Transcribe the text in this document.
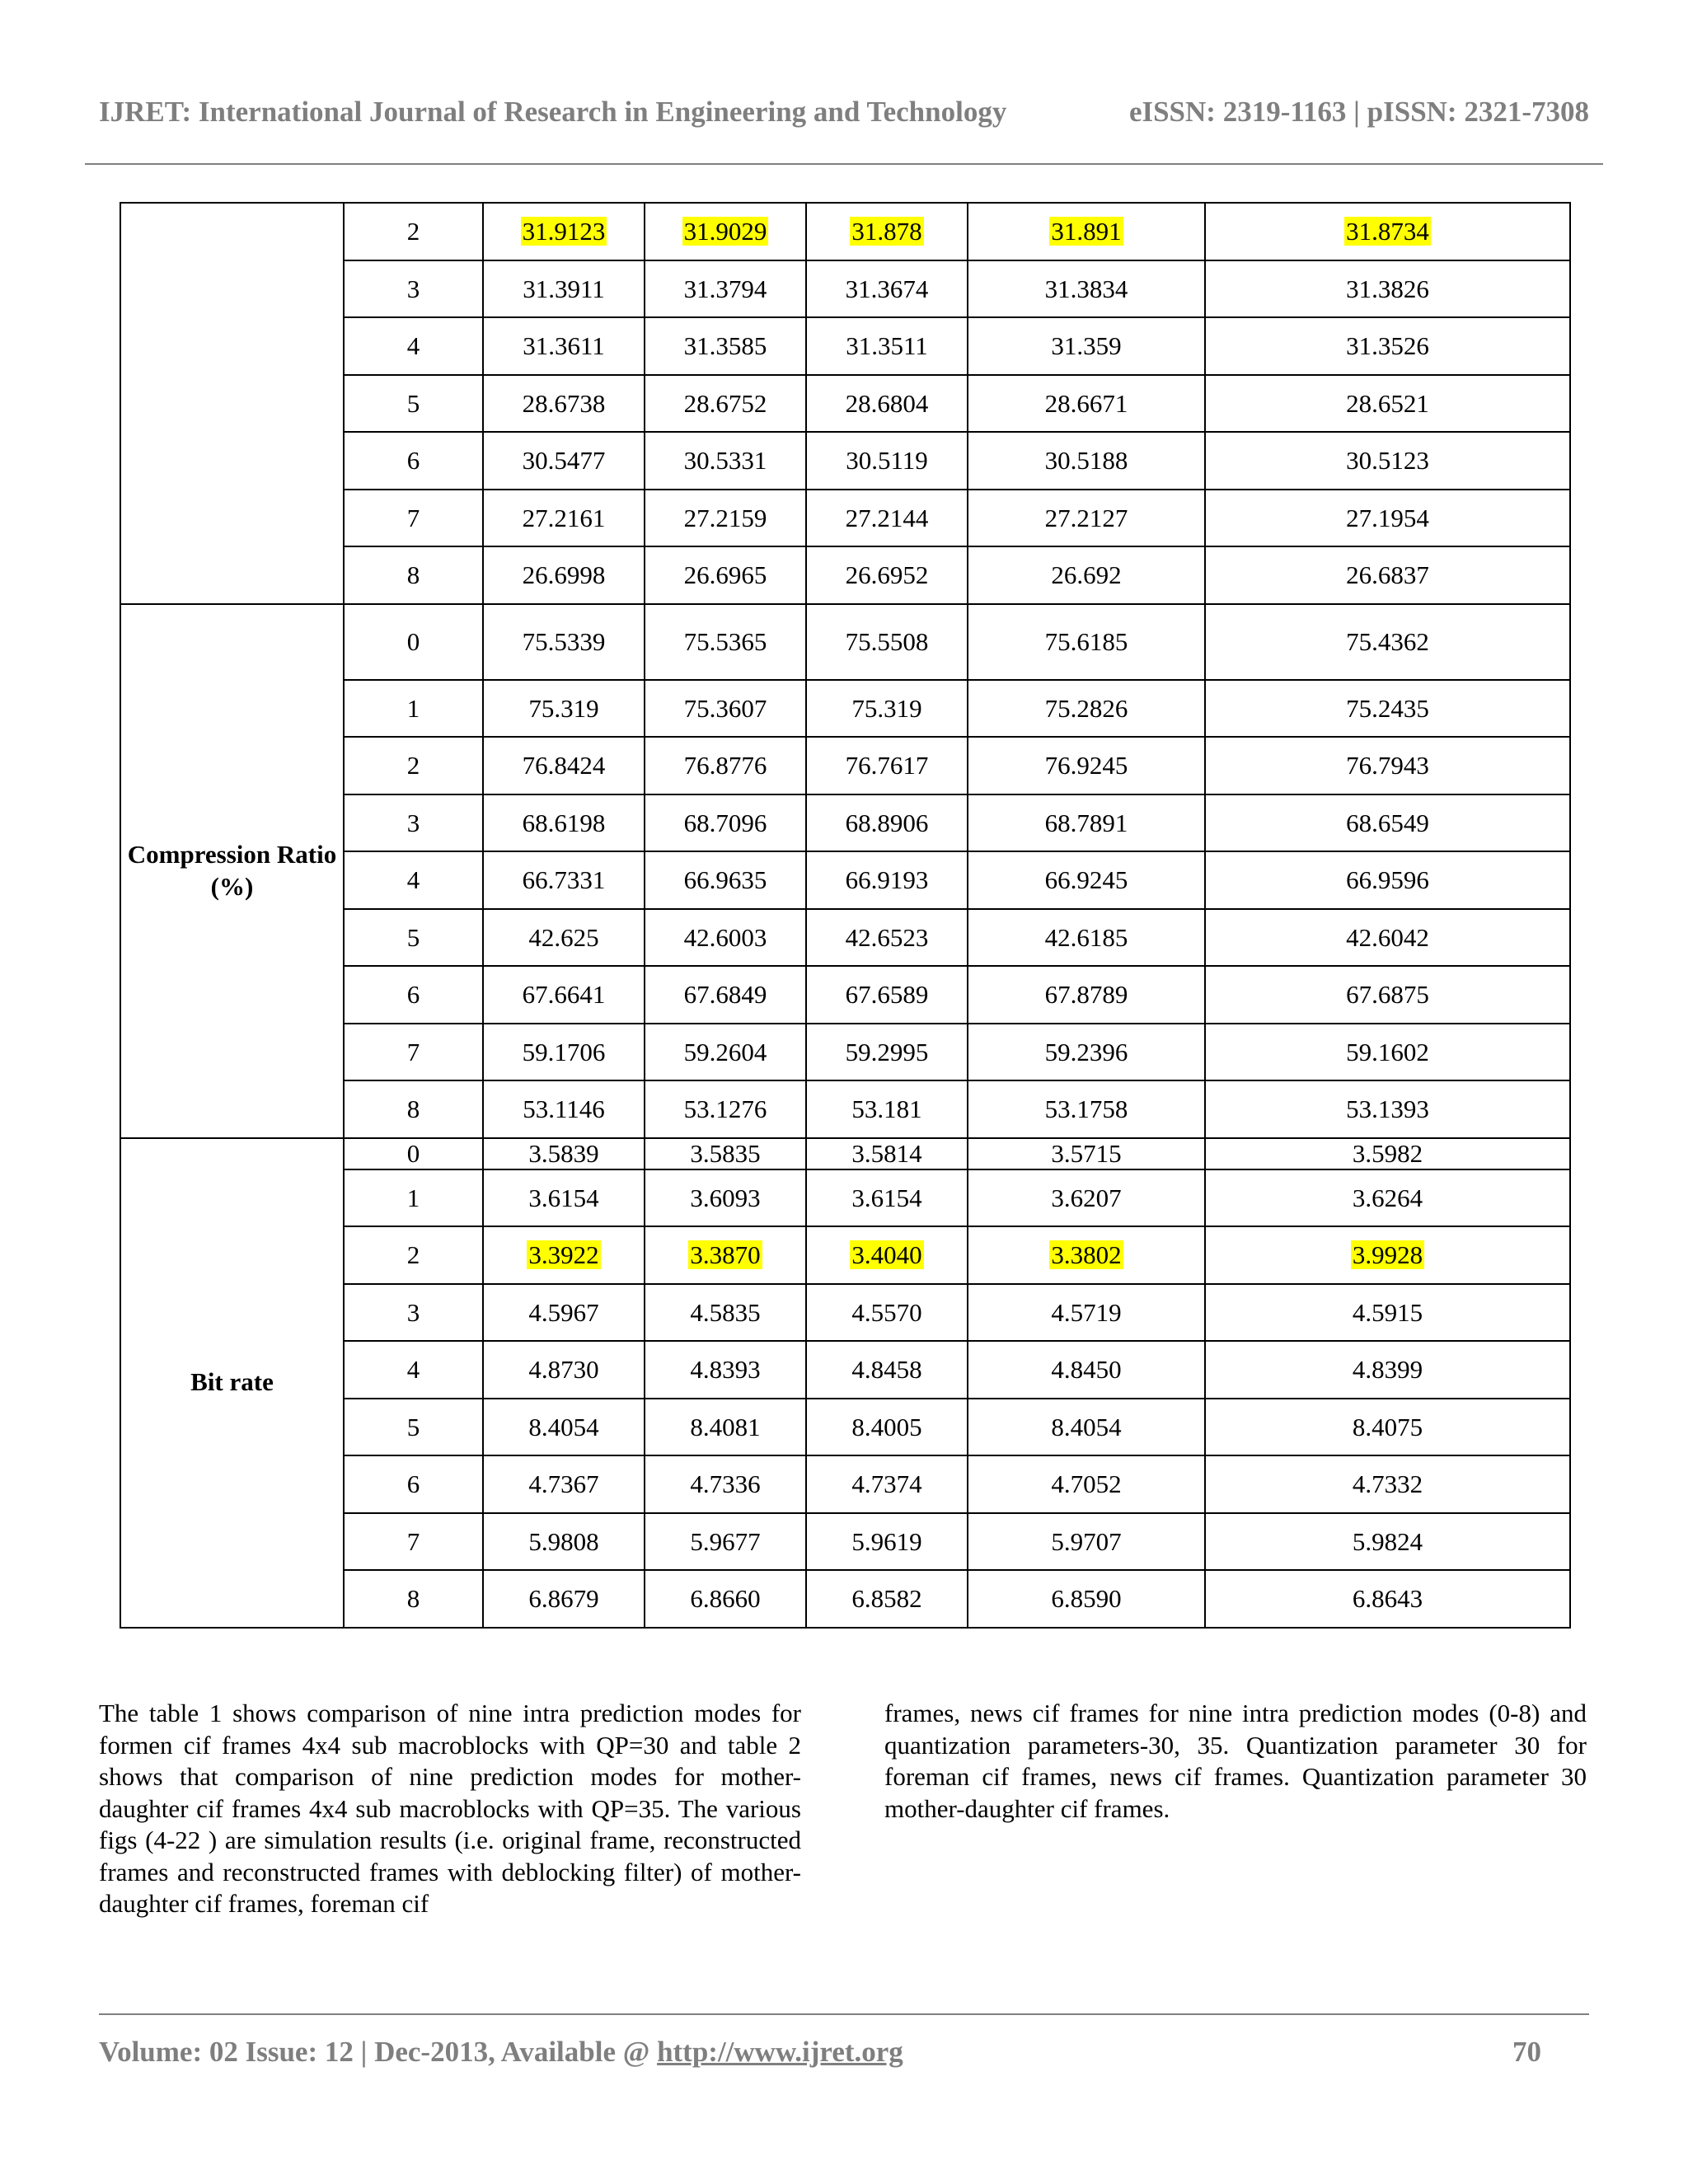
IJRET: International Journal of Research in Engineering and Technology	eISSN: 2319-1163 | pISSN: 2321-7308
	2	31.9123	31.9029	31.878	31.891	31.8734
	3	31.3911	31.3794	31.3674	31.3834	31.3826
	4	31.3611	31.3585	31.3511	31.359	31.3526
	5	28.6738	28.6752	28.6804	28.6671	28.6521
	6	30.5477	30.5331	30.5119	30.5188	30.5123
	7	27.2161	27.2159	27.2144	27.2127	27.1954
	8	26.6998	26.6965	26.6952	26.692	26.6837
Compression Ratio (%)	0	75.5339	75.5365	75.5508	75.6185	75.4362
	1	75.319	75.3607	75.319	75.2826	75.2435
	2	76.8424	76.8776	76.7617	76.9245	76.7943
	3	68.6198	68.7096	68.8906	68.7891	68.6549
	4	66.7331	66.9635	66.9193	66.9245	66.9596
	5	42.625	42.6003	42.6523	42.6185	42.6042
	6	67.6641	67.6849	67.6589	67.8789	67.6875
	7	59.1706	59.2604	59.2995	59.2396	59.1602
	8	53.1146	53.1276	53.181	53.1758	53.1393
Bit rate	0	3.5839	3.5835	3.5814	3.5715	3.5982
	1	3.6154	3.6093	3.6154	3.6207	3.6264
	2	3.3922	3.3870	3.4040	3.3802	3.9928
	3	4.5967	4.5835	4.5570	4.5719	4.5915
	4	4.8730	4.8393	4.8458	4.8450	4.8399
	5	8.4054	8.4081	8.4005	8.4054	8.4075
	6	4.7367	4.7336	4.7374	4.7052	4.7332
	7	5.9808	5.9677	5.9619	5.9707	5.9824
	8	6.8679	6.8660	6.8582	6.8590	6.8643
The table 1 shows comparison of nine intra prediction modes for formen cif frames 4x4 sub macroblocks with QP=30 and table 2 shows that comparison of nine prediction modes for mother-daughter cif frames 4x4 sub macroblocks with QP=35. The various figs (4-22 ) are simulation results (i.e. original frame, reconstructed frames and reconstructed frames with deblocking filter) of mother-daughter cif frames, foreman cif
frames, news cif frames for nine intra prediction modes (0-8) and quantization parameters-30, 35. Quantization parameter 30 for foreman cif frames, news cif frames. Quantization parameter 30 mother-daughter cif frames.
Volume: 02 Issue: 12 | Dec-2013, Available @ http://www.ijret.org	70
